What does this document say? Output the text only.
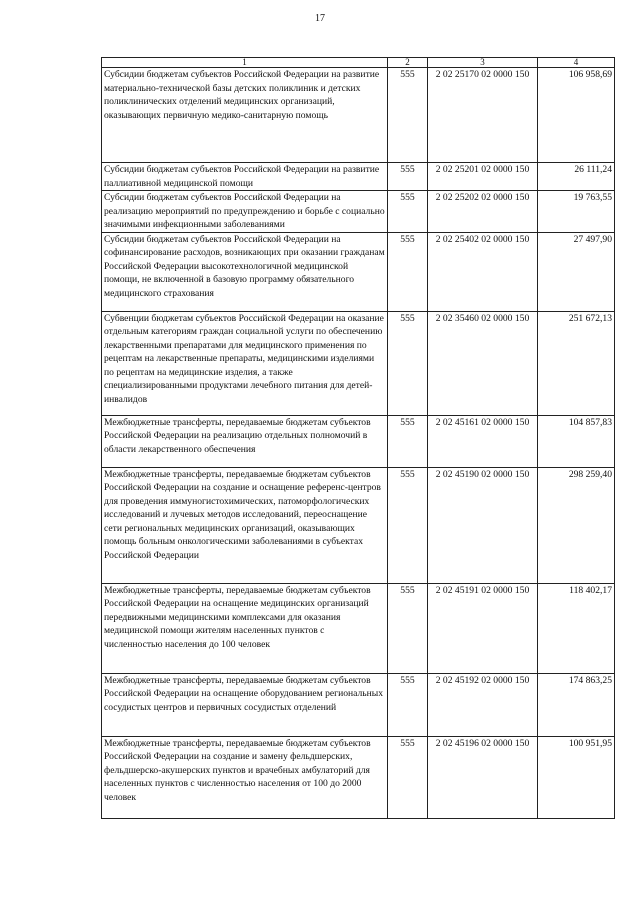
17
1	2	3	4
Субсидии бюджетам субъектов Российской Федерации на развитие материально-технической базы детских поликлиник и детских поликлинических отделений медицинских организаций, оказывающих первичную медико-санитарную помощь	555	2 02 25170 02 0000 150	106 958,69
Субсидии бюджетам субъектов Российской Федерации на развитие паллиативной медицинской помощи	555	2 02 25201 02 0000 150	26 111,24
Субсидии бюджетам субъектов Российской Федерации на реализацию мероприятий по предупреждению и борьбе с социально значимыми инфекционными заболеваниями	555	2 02 25202 02 0000 150	19 763,55
Субсидии бюджетам субъектов Российской Федерации на софинансирование расходов, возникающих при оказании гражданам Российской Федерации высокотехнологичной медицинской помощи, не включенной в базовую программу обязательного медицинского страхования	555	2 02 25402 02 0000 150	27 497,90
Субвенции бюджетам субъектов Российской Федерации на оказание отдельным категориям граждан социальной услуги по обеспечению лекарственными препаратами для медицинского применения по рецептам на лекарственные препараты, медицинскими изделиями по рецептам на медицинские изделия, а также специализированными продуктами лечебного питания для детей-инвалидов	555	2 02 35460 02 0000 150	251 672,13
Межбюджетные трансферты, передаваемые бюджетам субъектов Российской Федерации на реализацию отдельных полномочий в области лекарственного обеспечения	555	2 02 45161 02 0000 150	104 857,83
Межбюджетные трансферты, передаваемые бюджетам субъектов Российской Федерации на создание и оснащение референс-центров для проведения иммуногистохимических, патоморфологических исследований и лучевых методов исследований, переоснащение сети региональных медицинских организаций, оказывающих помощь больным онкологическими заболеваниями в субъектах Российской Федерации	555	2 02 45190 02 0000 150	298 259,40
Межбюджетные трансферты, передаваемые бюджетам субъектов Российской Федерации на оснащение медицинских организаций передвижными медицинскими комплексами для оказания медицинской помощи жителям населенных пунктов с численностью населения до 100 человек	555	2 02 45191 02 0000 150	118 402,17
Межбюджетные трансферты, передаваемые бюджетам субъектов Российской Федерации на оснащение оборудованием региональных сосудистых центров и первичных сосудистых отделений	555	2 02 45192 02 0000 150	174 863,25
Межбюджетные трансферты, передаваемые бюджетам субъектов Российской Федерации на создание и замену фельдшерских, фельдшерско-акушерских пунктов и врачебных амбулаторий для населенных пунктов с численностью населения от 100 до 2000 человек	555	2 02 45196 02 0000 150	100 951,95
